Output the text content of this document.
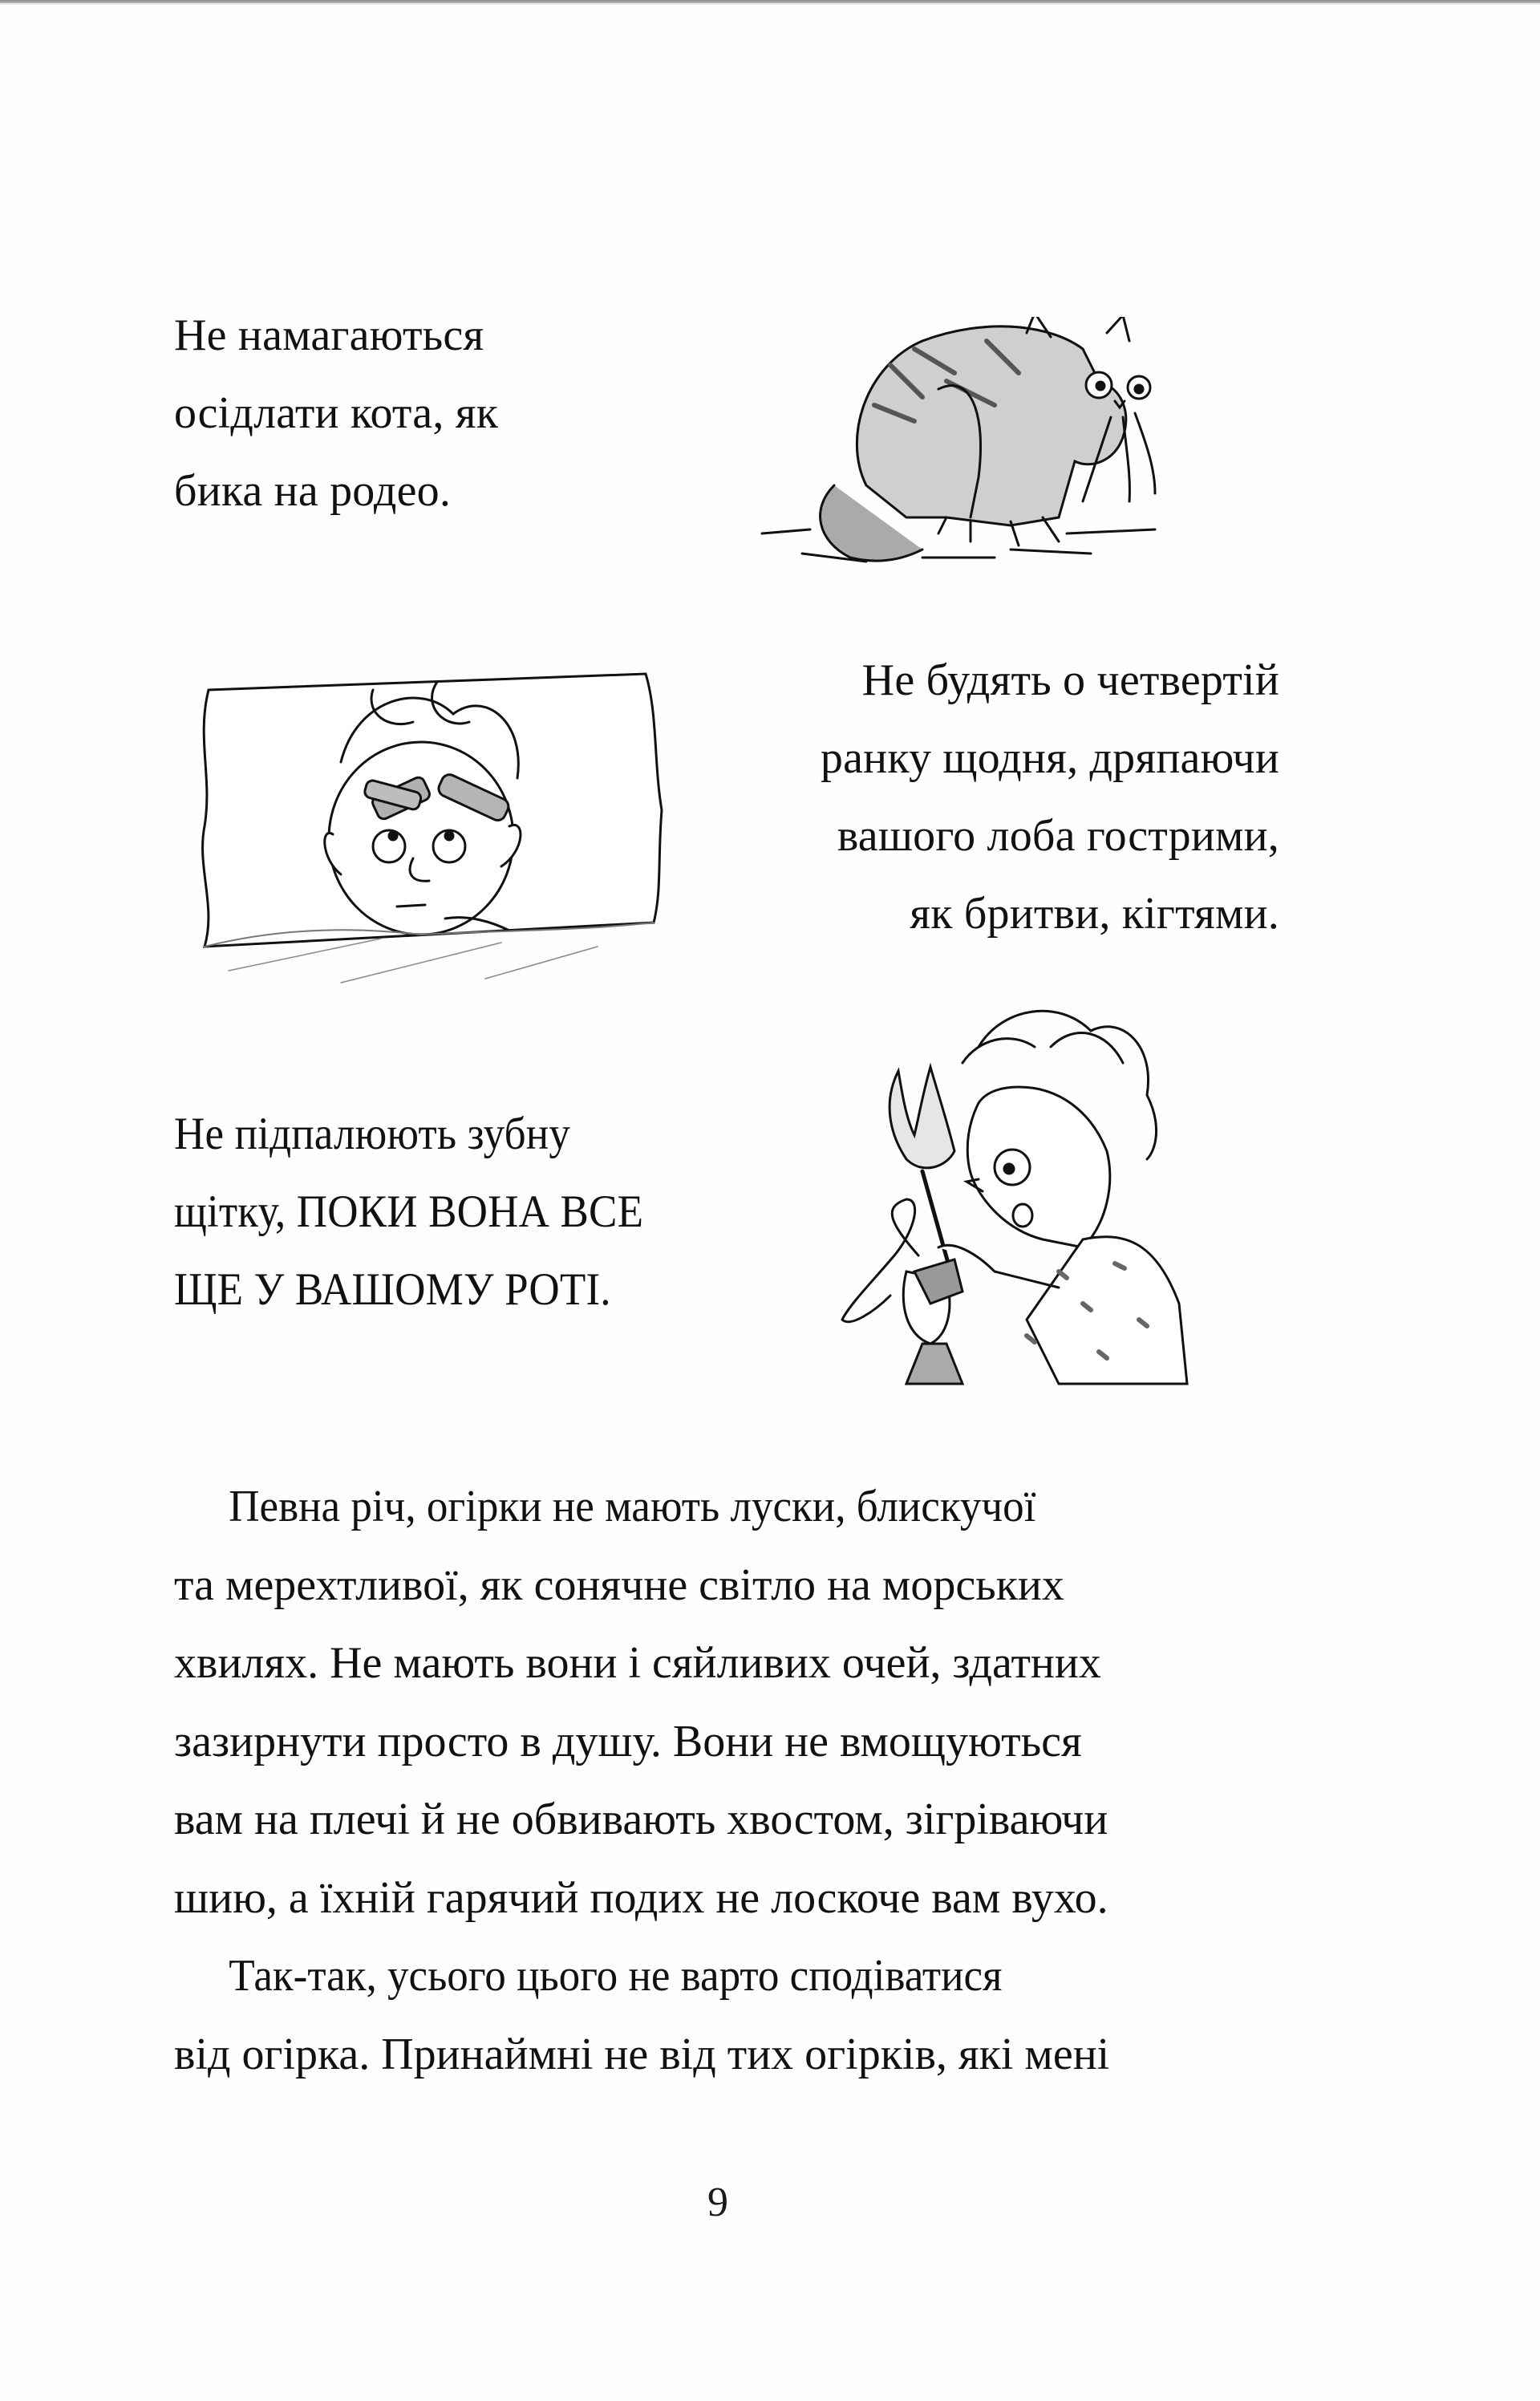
Не намагаються
осідлати кота, як
бика на родео.
Не будять о четвертій
ранку щодня, дряпаючи
вашого лоба гострими,
як бритви, кігтями.
Не підпалюють зубну
щітку, ПОКИ ВОНА ВСЕ
ЩЕ У ВАШОМУ РОТІ.

Певна річ, огірки не мають луски, блискучої
та мерехтливої, як сонячне світло на морських
хвилях. Не мають вони і сяйливих очей, здатних
зазирнути просто в душу. Вони не вмощуються
вам на плечі й не обвивають хвостом, зігріваючи
шию, а їхній гарячий подих не лоскоче вам вухо.

Так-так, усього цього не варто сподіватися
від огірка. Принаймні не від тих огірків, які мені

9
